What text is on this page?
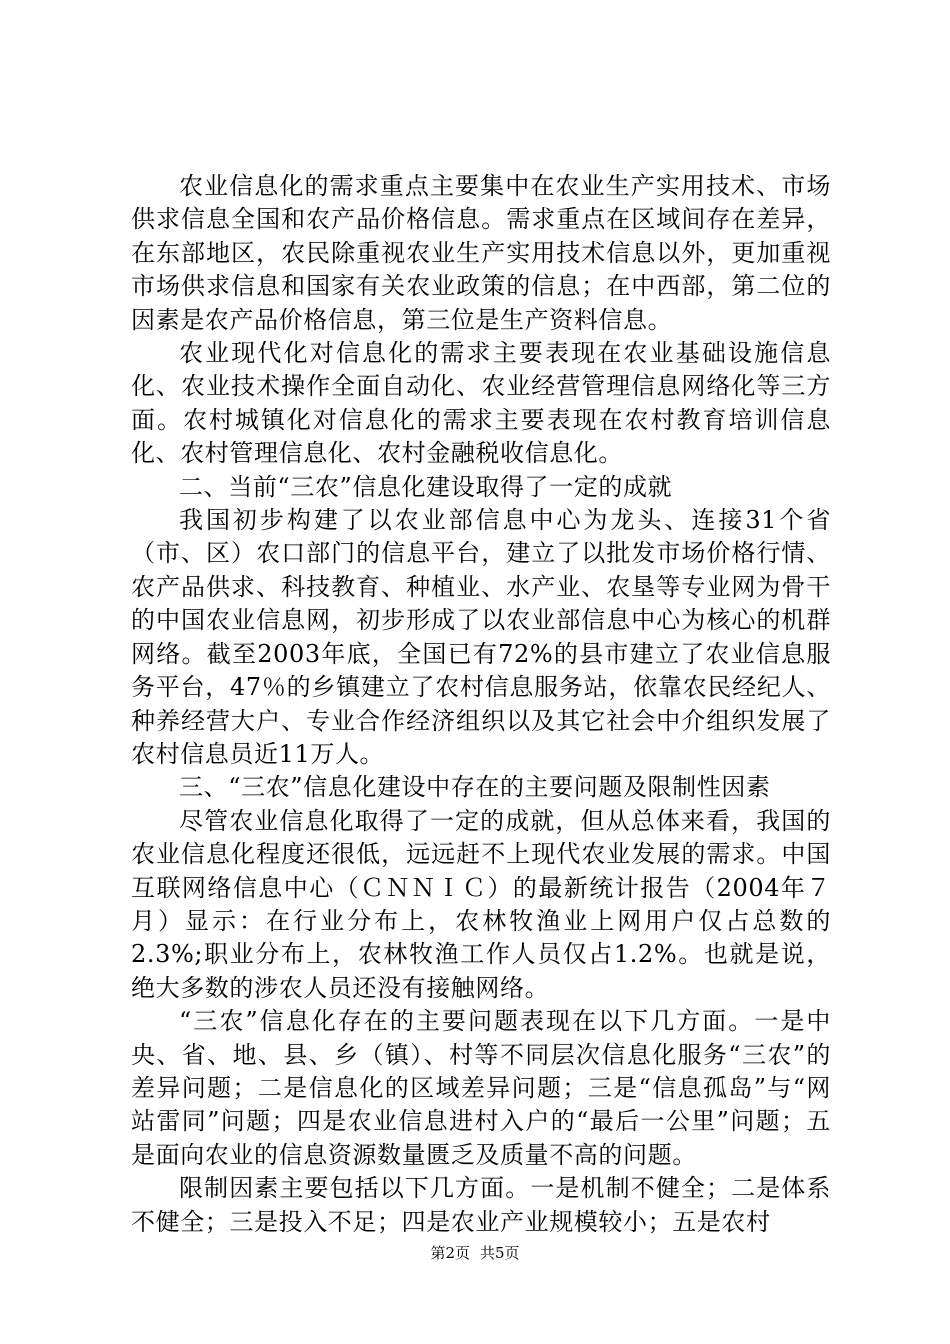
农业信息化的需求重点主要集中在农业生产实用技术、市场供求信息全国和农产品价格信息。需求重点在区域间存在差异，在东部地区，农民除重视农业生产实用技术信息以外，更加重视市场供求信息和国家有关农业政策的信息；在中西部，第二位的因素是农产品价格信息，第三位是生产资料信息。

农业现代化对信息化的需求主要表现在农业基础设施信息化、农业技术操作全面自动化、农业经营管理信息网络化等三方面。农村城镇化对信息化的需求主要表现在农村教育培训信息化、农村管理信息化、农村金融税收信息化。

二、当前“三农”信息化建设取得了一定的成就

我国初步构建了以农业部信息中心为龙头、连接31个省（市、区）农口部门的信息平台，建立了以批发市场价格行情、农产品供求、科技教育、种植业、水产业、农垦等专业网为骨干的中国农业信息网，初步形成了以农业部信息中心为核心的机群网络。截至2003年底，全国已有72%的县市建立了农业信息服务平台，47％的乡镇建立了农村信息服务站，依靠农民经纪人、种养经营大户、专业合作经济组织以及其它社会中介组织发展了农村信息员近11万人。

三、“三农”信息化建设中存在的主要问题及限制性因素

尽管农业信息化取得了一定的成就，但从总体来看，我国的农业信息化程度还很低，远远赶不上现代农业发展的需求。中国互联网络信息中心（ＣＮＮＩＣ）的最新统计报告（2004年７月）显示：在行业分布上，农林牧渔业上网用户仅占总数的2.3%;职业分布上，农林牧渔工作人员仅占1.2%。也就是说，绝大多数的涉农人员还没有接触网络。

“三农”信息化存在的主要问题表现在以下几方面。一是中央、省、地、县、乡（镇）、村等不同层次信息化服务“三农”的差异问题；二是信息化的区域差异问题；三是“信息孤岛”与“网站雷同”问题；四是农业信息进村入户的“最后一公里”问题；五是面向农业的信息资源数量匮乏及质量不高的问题。

限制因素主要包括以下几方面。一是机制不健全；二是体系不健全；三是投入不足；四是农业产业规模较小；五是农村

第2页 共5页
